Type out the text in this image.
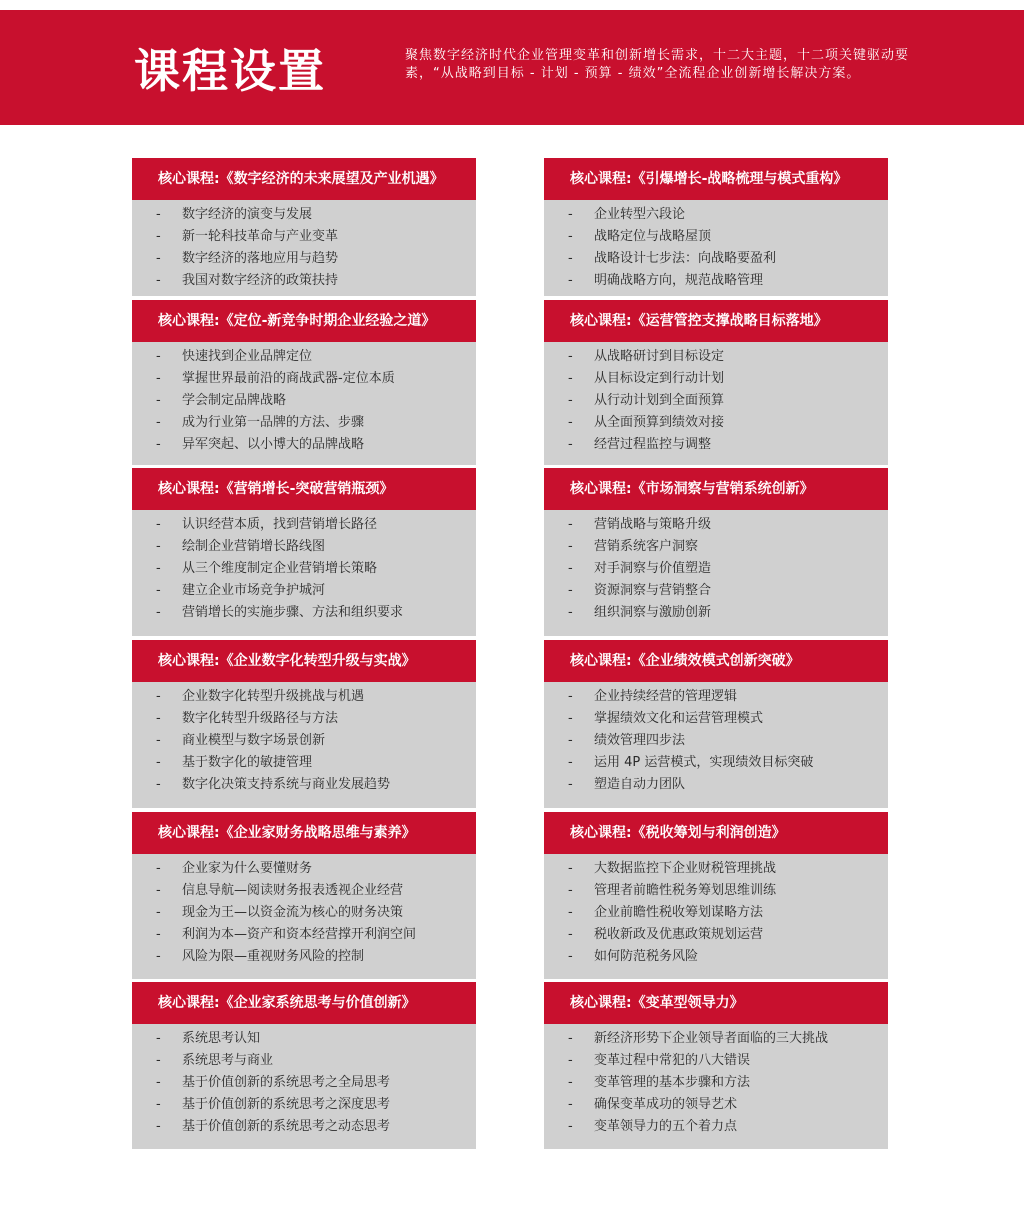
课程设置	聚焦数字经济时代企业管理变革和创新增长需求，十二大主题，十二项关键驱动要素，“从战略到目标 - 计划 - 预算 - 绩效”全流程企业创新增长解决方案。
核心课程:《数字经济的未来展望及产业机遇》
- 数字经济的演变与发展
- 新一轮科技革命与产业变革
- 数字经济的落地应用与趋势
- 我国对数字经济的政策扶持
核心课程:《引爆增长-战略梳理与模式重构》
- 企业转型六段论
- 战略定位与战略屋顶
- 战略设计七步法：向战略要盈利
- 明确战略方向，规范战略管理
核心课程:《定位-新竞争时期企业经验之道》
- 快速找到企业品牌定位
- 掌握世界最前沿的商战武器-定位本质
- 学会制定品牌战略
- 成为行业第一品牌的方法、步骤
- 异军突起、以小博大的品牌战略
核心课程:《运营管控支撑战略目标落地》
- 从战略研讨到目标设定
- 从目标设定到行动计划
- 从行动计划到全面预算
- 从全面预算到绩效对接
- 经营过程监控与调整
核心课程:《营销增长-突破营销瓶颈》
- 认识经营本质，找到营销增长路径
- 绘制企业营销增长路线图
- 从三个维度制定企业营销增长策略
- 建立企业市场竞争护城河
- 营销增长的实施步骤、方法和组织要求
核心课程:《市场洞察与营销系统创新》
- 营销战略与策略升级
- 营销系统客户洞察
- 对手洞察与价值塑造
- 资源洞察与营销整合
- 组织洞察与激励创新
核心课程:《企业数字化转型升级与实战》
- 企业数字化转型升级挑战与机遇
- 数字化转型升级路径与方法
- 商业模型与数字场景创新
- 基于数字化的敏捷管理
- 数字化决策支持系统与商业发展趋势
核心课程:《企业绩效模式创新突破》
- 企业持续经营的管理逻辑
- 掌握绩效文化和运营管理模式
- 绩效管理四步法
- 运用 4P 运营模式，实现绩效目标突破
- 塑造自动力团队
核心课程:《企业家财务战略思维与素养》
- 企业家为什么要懂财务
- 信息导航—阅读财务报表透视企业经营
- 现金为王—以资金流为核心的财务决策
- 利润为本—资产和资本经营撑开利润空间
- 风险为限—重视财务风险的控制
核心课程:《税收筹划与利润创造》
- 大数据监控下企业财税管理挑战
- 管理者前瞻性税务筹划思维训练
- 企业前瞻性税收筹划谋略方法
- 税收新政及优惠政策规划运营
- 如何防范税务风险
核心课程:《企业家系统思考与价值创新》
- 系统思考认知
- 系统思考与商业
- 基于价值创新的系统思考之全局思考
- 基于价值创新的系统思考之深度思考
- 基于价值创新的系统思考之动态思考
核心课程:《变革型领导力》
- 新经济形势下企业领导者面临的三大挑战
- 变革过程中常犯的八大错误
- 变革管理的基本步骤和方法
- 确保变革成功的领导艺术
- 变革领导力的五个着力点
